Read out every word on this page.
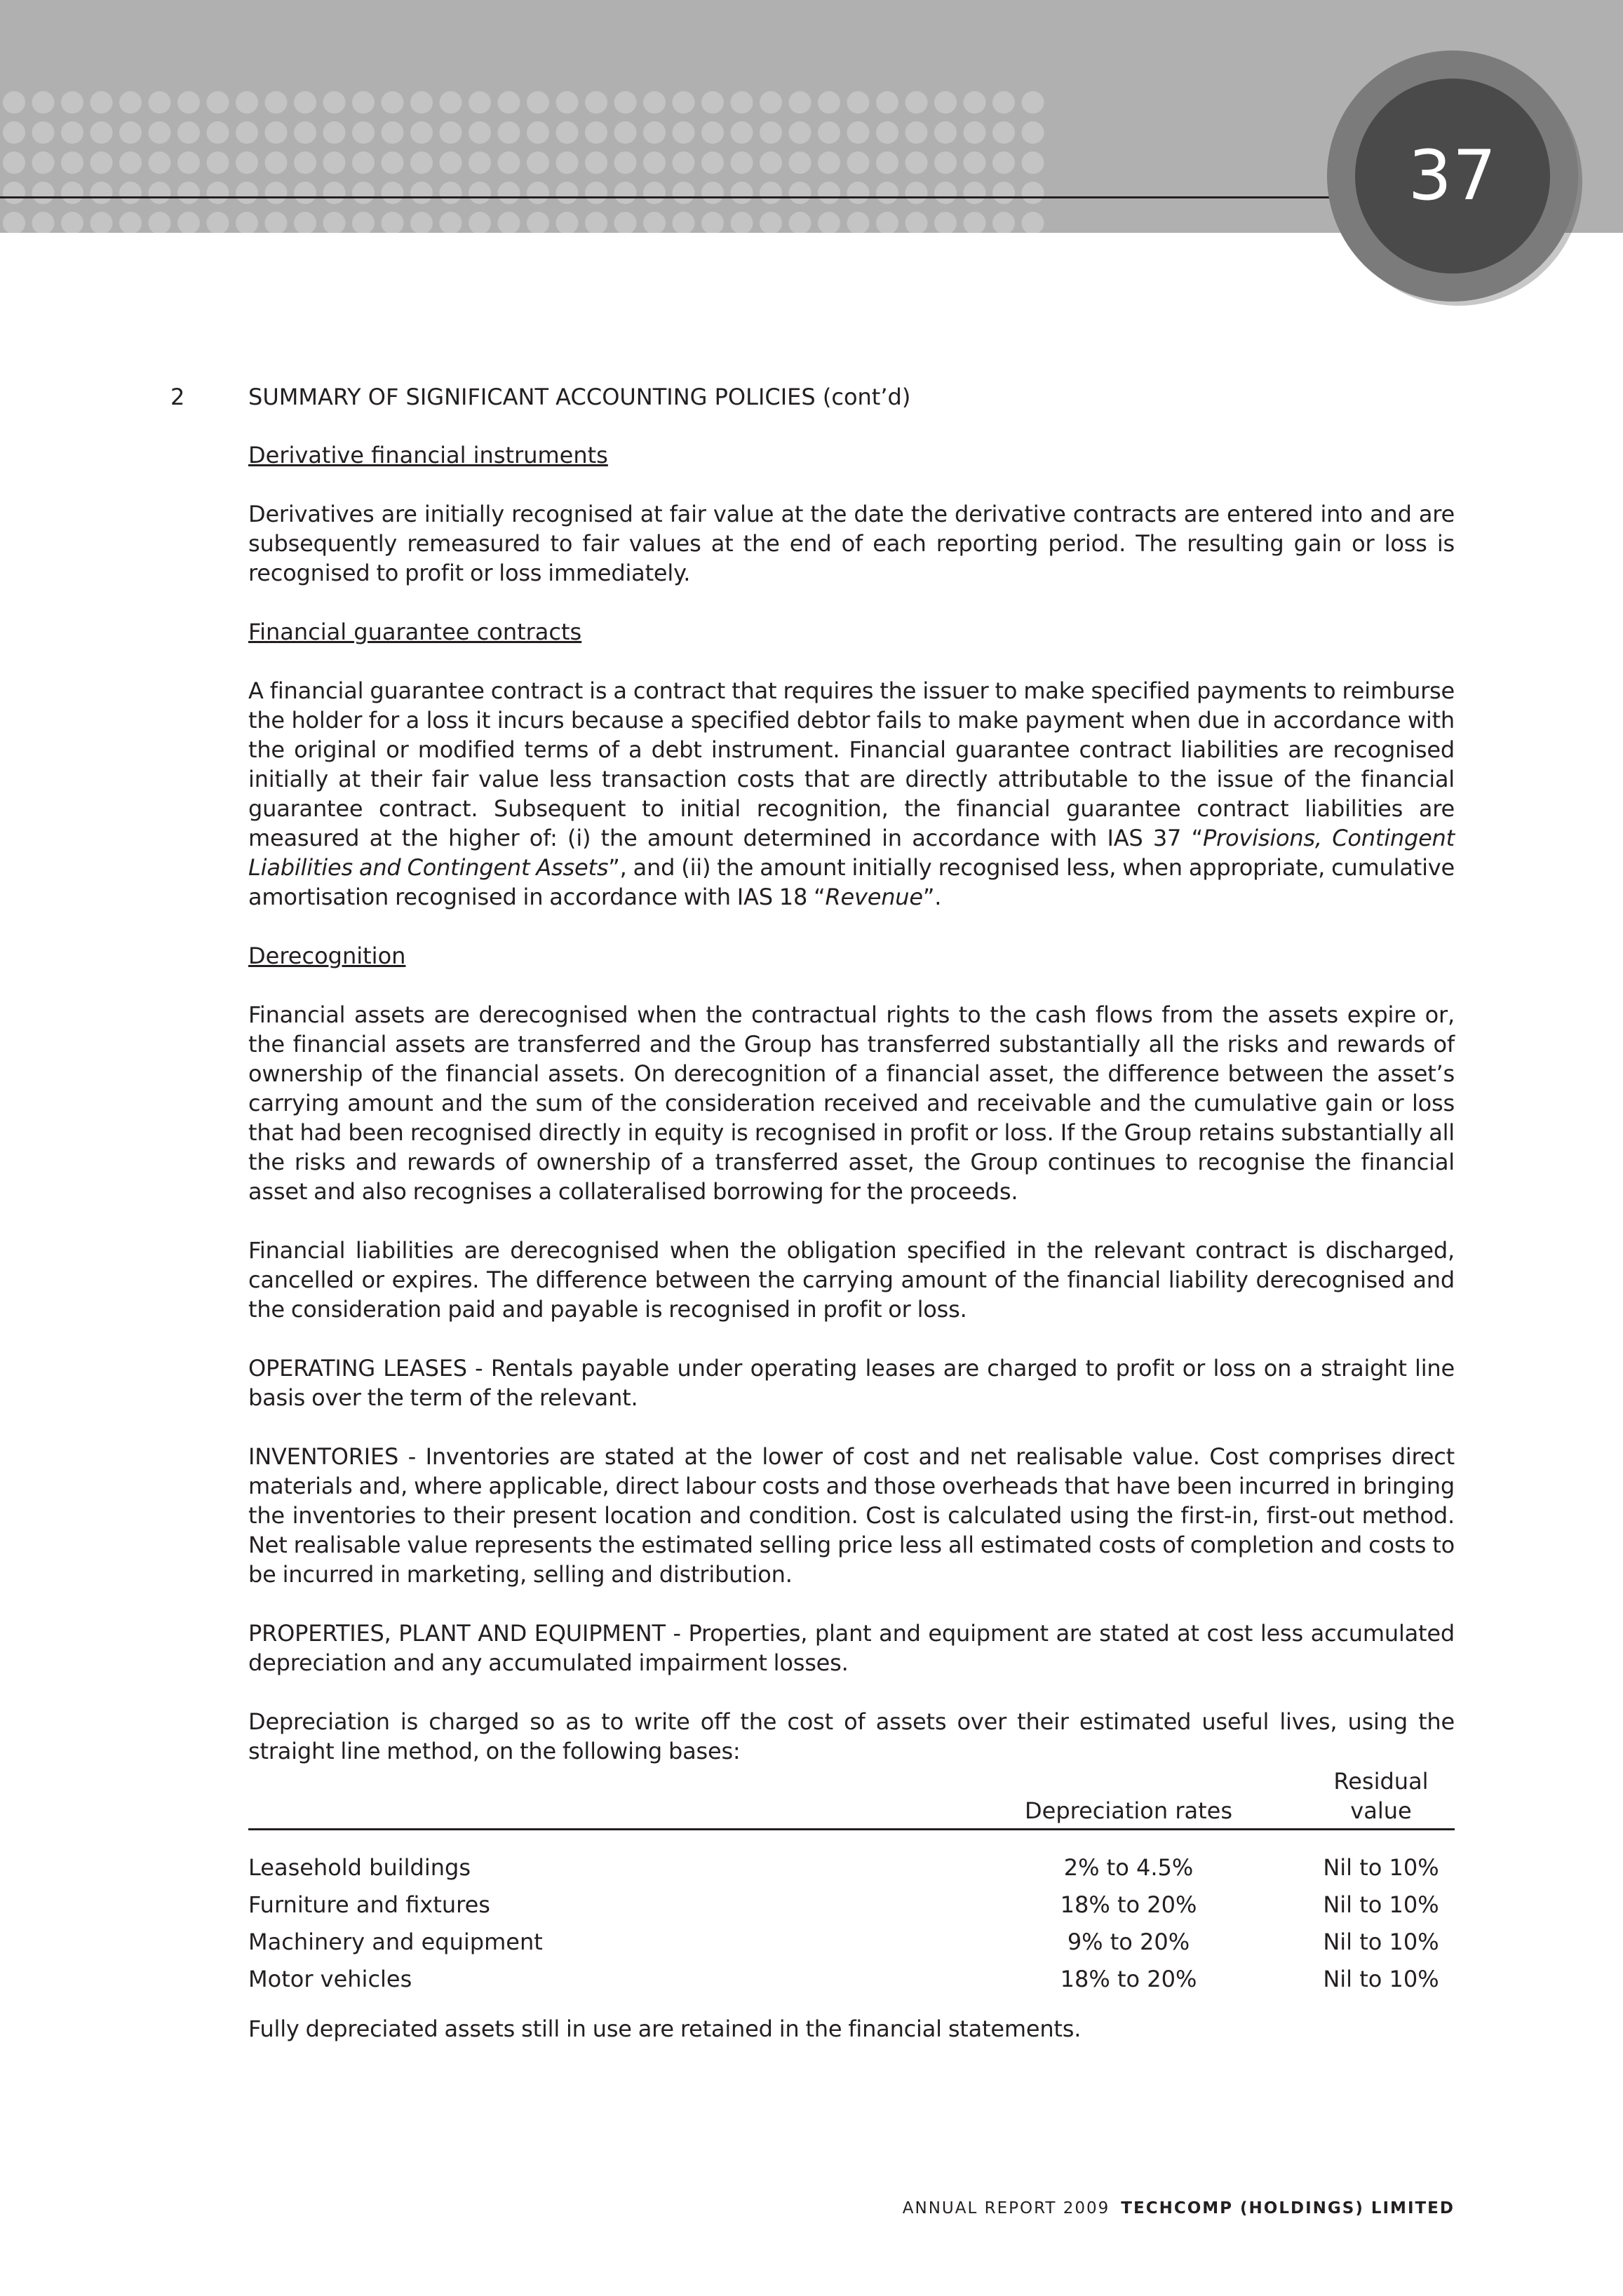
37
2	SUMMARY OF SIGNIFICANT ACCOUNTING POLICIES (cont’d)
Derivative financial instruments

Derivatives are initially recognised at fair value at the date the derivative contracts are entered into and are subsequently remeasured to fair values at the end of each reporting period. The resulting gain or loss is recognised to profit or loss immediately.

Financial guarantee contracts

A financial guarantee contract is a contract that requires the issuer to make specified payments to reimburse the holder for a loss it incurs because a specified debtor fails to make payment when due in accordance with the original or modified terms of a debt instrument. Financial guarantee contract liabilities are recognised initially at their fair value less transaction costs that are directly attributable to the issue of the financial guarantee contract. Subsequent to initial recognition, the financial guarantee contract liabilities are measured at the higher of: (i) the amount determined in accordance with IAS 37 “Provisions, Contingent Liabilities and Contingent Assets”, and (ii) the amount initially recognised less, when appropriate, cumulative amortisation recognised in accordance with IAS 18 “Revenue”.

Derecognition

Financial assets are derecognised when the contractual rights to the cash flows from the assets expire or, the financial assets are transferred and the Group has transferred substantially all the risks and rewards of ownership of the financial assets. On derecognition of a financial asset, the difference between the asset’s carrying amount and the sum of the consideration received and receivable and the cumulative gain or loss that had been recognised directly in equity is recognised in profit or loss. If the Group retains substantially all the risks and rewards of ownership of a transferred asset, the Group continues to recognise the financial asset and also recognises a collateralised borrowing for the proceeds.

Financial liabilities are derecognised when the obligation specified in the relevant contract is discharged, cancelled or expires. The difference between the carrying amount of the financial liability derecognised and the consideration paid and payable is recognised in profit or loss.

OPERATING LEASES - Rentals payable under operating leases are charged to profit or loss on a straight line basis over the term of the relevant.

INVENTORIES - Inventories are stated at the lower of cost and net realisable value. Cost comprises direct materials and, where applicable, direct labour costs and those overheads that have been incurred in bringing the inventories to their present location and condition. Cost is calculated using the first-in, first-out method. Net realisable value represents the estimated selling price less all estimated costs of completion and costs to be incurred in marketing, selling and distribution.

PROPERTIES, PLANT AND EQUIPMENT - Properties, plant and equipment are stated at cost less accumulated depreciation and any accumulated impairment losses.

Depreciation is charged so as to write off the cost of assets over their estimated useful lives, using the straight line method, on the following bases:

Depreciation rates
Residual value
Leasehold buildings	2% to 4.5%	Nil to 10%
Furniture and fixtures	18% to 20%	Nil to 10%
Machinery and equipment	9% to 20%	Nil to 10%
Motor vehicles	18% to 20%	Nil to 10%

Fully depreciated assets still in use are retained in the financial statements.

ANNUAL REPORT 2009 TECHCOMP (HOLDINGS) LIMITED
